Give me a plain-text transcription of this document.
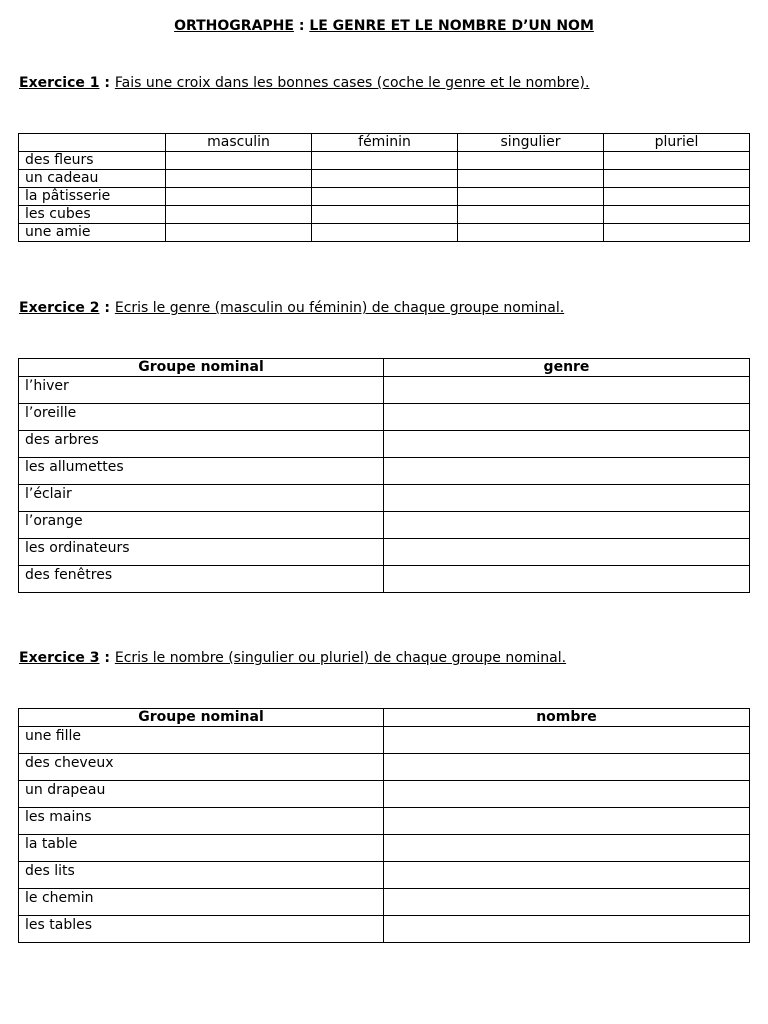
ORTHOGRAPHE : LE GENRE ET LE NOMBRE D’UN NOM
Exercice 1 : Fais une croix dans les bonnes cases (coche le genre et le nombre).
	masculin	féminin	singulier	pluriel
des fleurs				
un cadeau				
la pâtisserie				
les cubes				
une amie				
Exercice 2 : Ecris le genre (masculin ou féminin) de chaque groupe nominal.
Groupe nominal	genre
l’hiver	
l’oreille	
des arbres	
les allumettes	
l’éclair	
l’orange	
les ordinateurs	
des fenêtres	
Exercice 3 : Ecris le nombre (singulier ou pluriel) de chaque groupe nominal.
Groupe nominal	nombre
une fille	
des cheveux	
un drapeau	
les mains	
la table	
des lits	
le chemin	
les tables	
